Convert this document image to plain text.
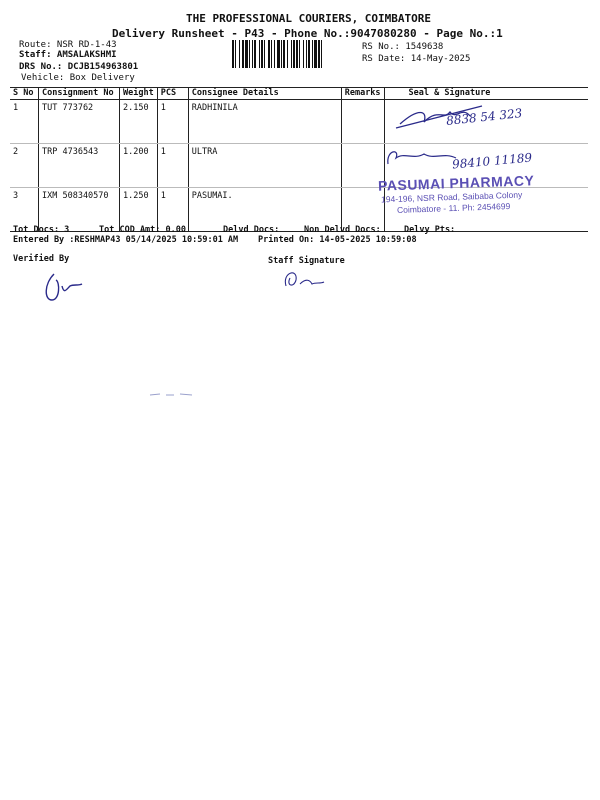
THE PROFESSIONAL COURIERS, COIMBATORE
Delivery Runsheet - P43 - Phone No.:9047080280 - Page No.:1
Route: NSR RD-1-43
Staff: AMSALAKSHMI
DRS No.: DCJB154963801
Vehicle: Box Delivery
RS No.: 1549638
RS Date: 14-May-2025
S No	Consignment No	Weight	PCS	Consignee Details	Remarks	Seal & Signature
1	TUT 773762	2.150	1	RADHINILA		
2	TRP 4736543	1.200	1	ULTRA		
3	IXM 508340570	1.250	1	PASUMAI.		
8838 54 323
98410 11189
PASUMAI PHARMACY
194-196, NSR Road, Saibaba Colony
Coimbatore - 11. Ph: 2454699
Tot Docs: 3	Tot COD Amt: 0.00	Delvd Docs:	Non Delvd Docs:	Delvy Pts:
Entered By :RESHMAP43 05/14/2025 10:59:01 AM Printed On: 14-05-2025 10:59:08
Verified By	Staff Signature
